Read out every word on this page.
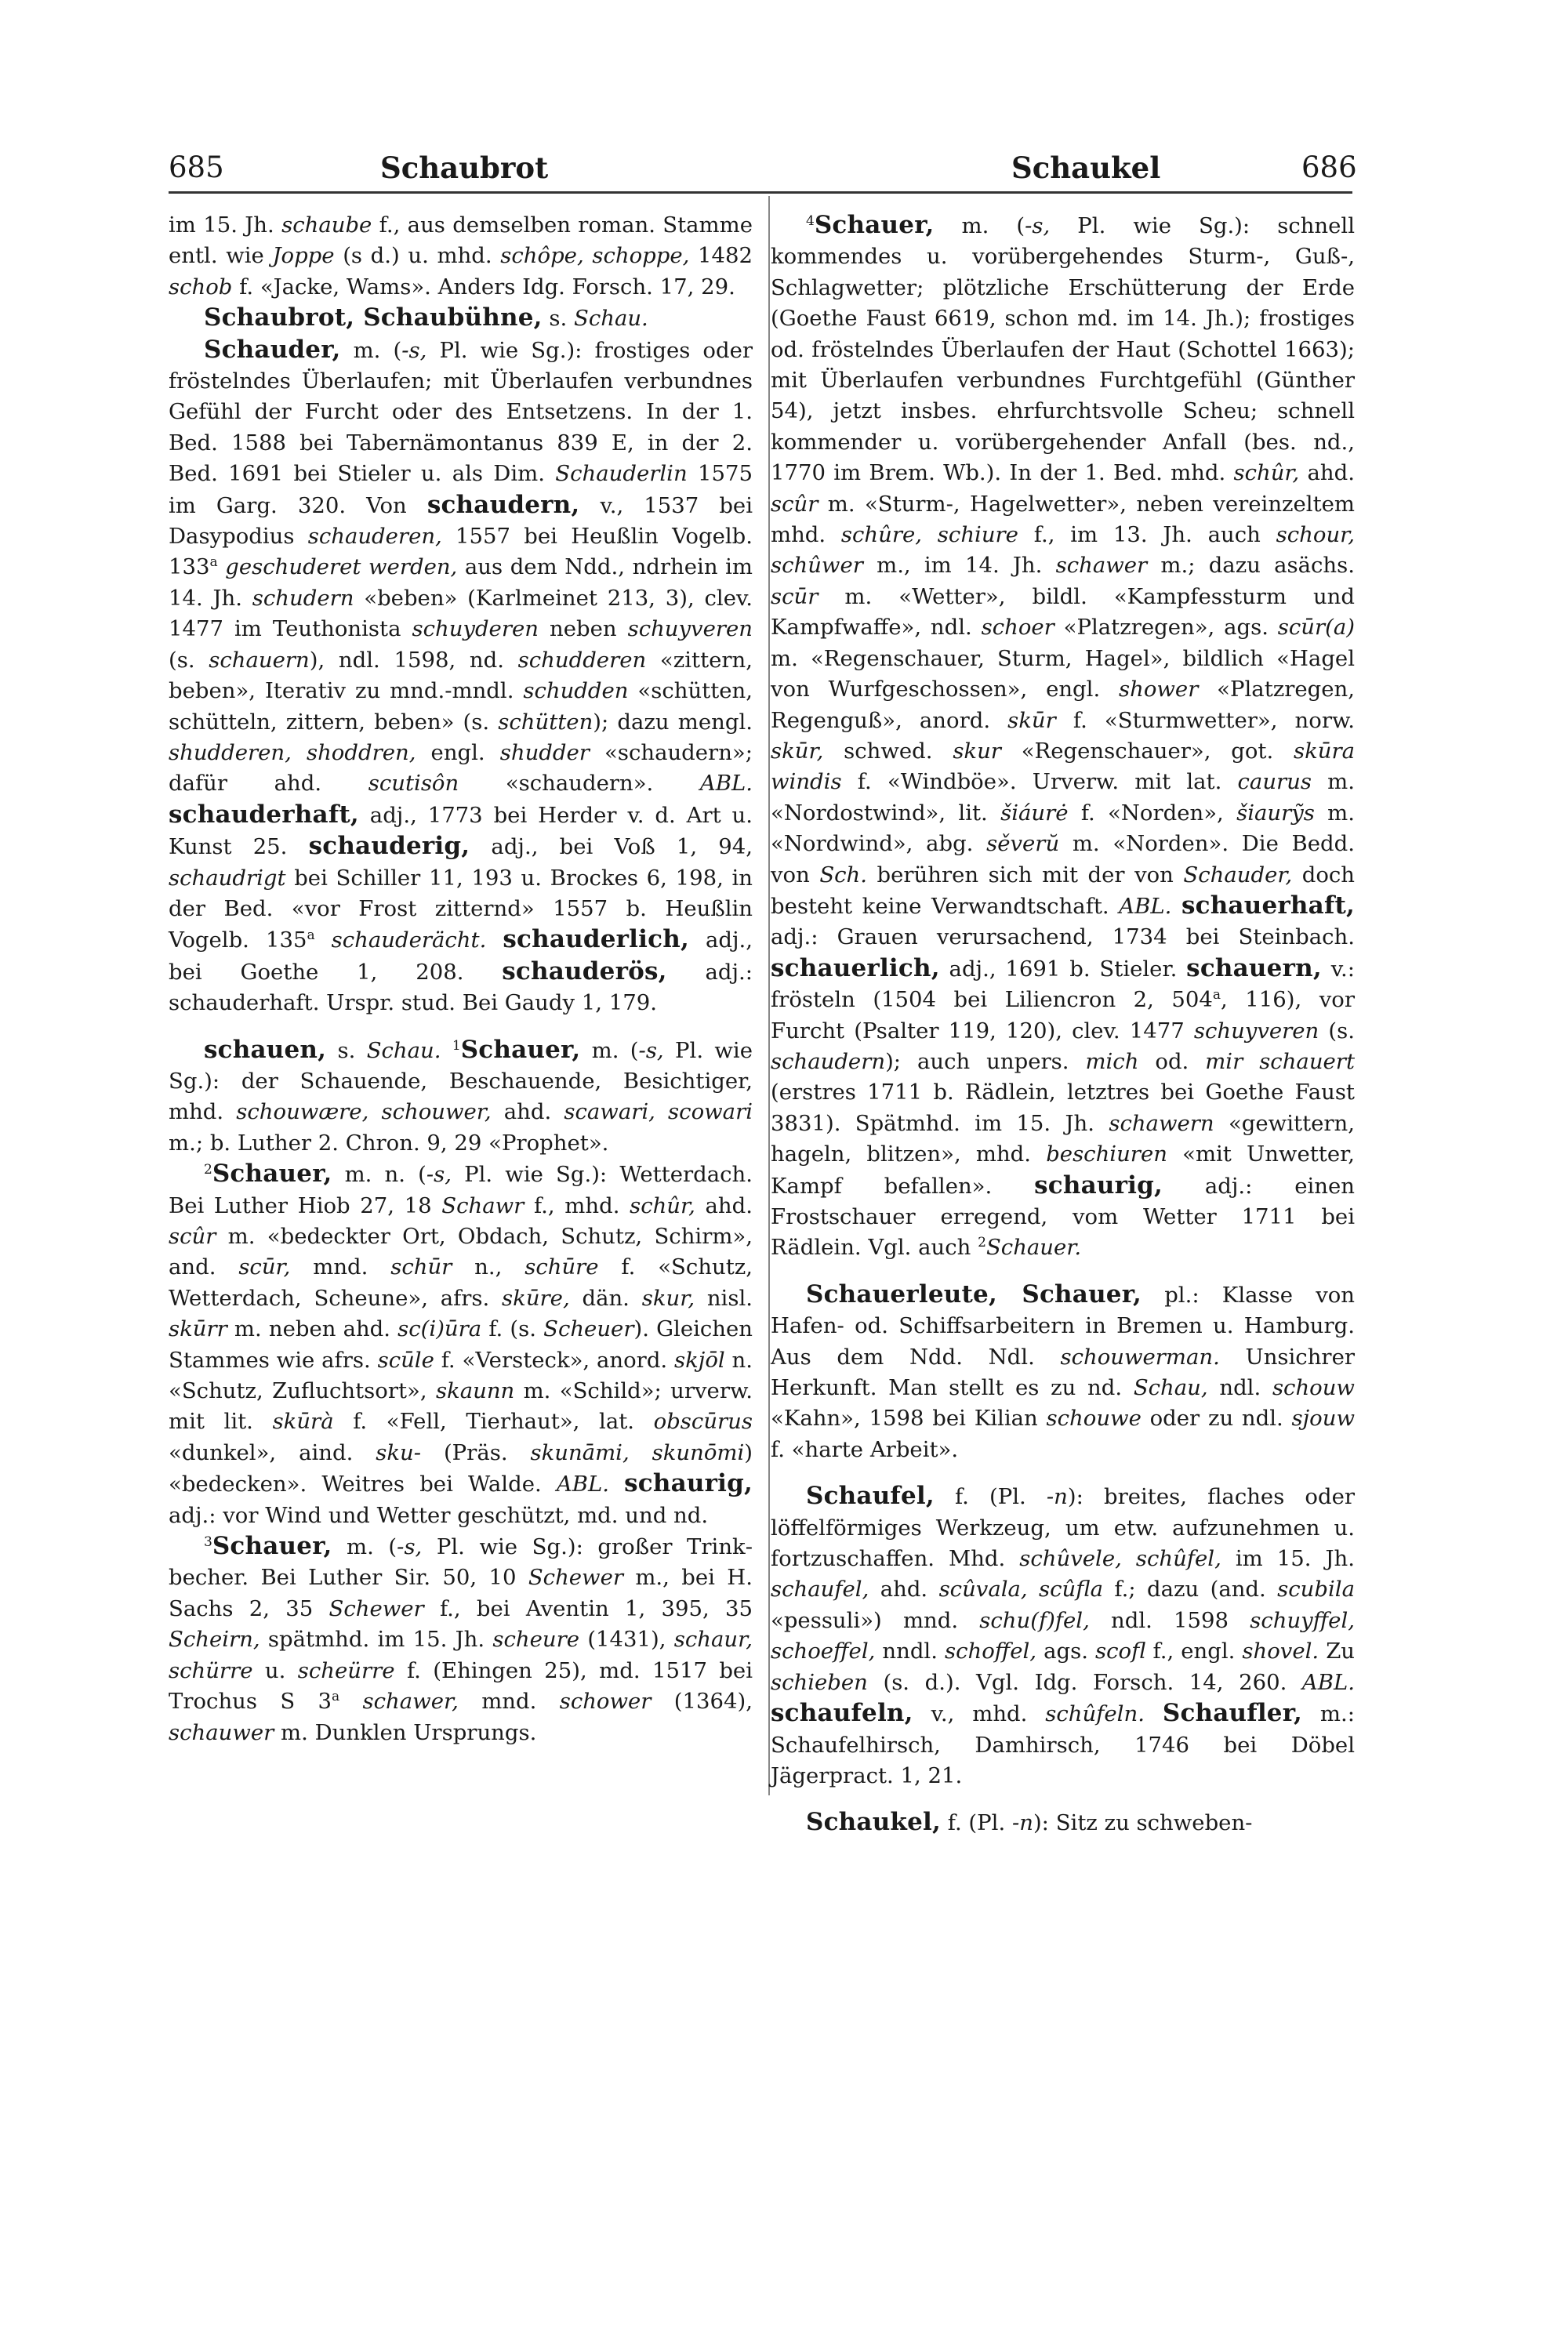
685	Schaubrot	Schaukel	686

im 15. Jh. schaube f., aus demselben roman. Stamme entl. wie Joppe (s d.) u. mhd. schôpe, schoppe, 1482 schob f. «Jacke, Wams». Anders Idg. Forsch. 17, 29.

Schaubrot, Schaubühne, s. Schau.

Schauder, m. (-s, Pl. wie Sg.): frostiges oder fröstelndes Überlaufen; mit Überlaufen verbundnes Gefühl der Furcht oder des Entsetzens. In der 1. Bed. 1588 bei Tabernämontanus 839 E, in der 2. Bed. 1691 bei Stieler u. als Dim. Schauderlin 1575 im Garg. 320. Von schaudern, v., 1537 bei Dasypodius schauderen, 1557 bei Heußlin Vogelb. 133$^a$ geschuderet werden, aus dem Ndd., ndrhein im 14. Jh. schudern «beben» (Karlmeinet 213, 3), clev. 1477 im Teuthonista schuyderen neben schuyveren (s. schauern), ndl. 1598, nd. schudderen «zittern, beben», Iterativ zu mnd.-mndl. schudden «schütten, schütteln, zittern, beben» (s. schütten); dazu mengl. shudderen, shoddren, engl. shudder «schaudern»; dafür ahd. scutisôn «schaudern». ABL. schauderhaft, adj., 1773 bei Herder v. d. Art u. Kunst 25. schauderig, adj., bei Voß 1, 94, schaudrigt bei Schiller 11, 193 u. Brockes 6, 198, in der Bed. «vor Frost zitternd» 1557 b. Heußlin Vogelb. 135$^a$ schauderächt. schauderlich, adj., bei Goethe 1, 208. schauderös, adj.: schauderhaft. Urspr. stud. Bei Gaudy 1, 179.

schauen, s. Schau. $^1$Schauer, m. (-s, Pl. wie Sg.): der Schauende, Beschauende, Besichtiger, mhd. schouwære, schouwer, ahd. scawari, scowari m.; b. Luther 2. Chron. 9, 29 «Prophet».

$^2$Schauer, m. n. (-s, Pl. wie Sg.): Wetterdach. Bei Luther Hiob 27, 18 Schawr f., mhd. schûr, ahd. scûr m. «bedeckter Ort, Obdach, Schutz, Schirm», and. scūr, mnd. schūr n., schūre f. «Schutz, Wetterdach, Scheune», afrs. skūre, dän. skur, nisl. skūrr m. neben ahd. sc(i)ūra f. (s. Scheuer). Gleichen Stammes wie afrs. scūle f. «Versteck», anord. skjōl n. «Schutz, Zufluchtsort», skaunn m. «Schild»; urverw. mit lit. skūrà f. «Fell, Tierhaut», lat. obscūrus «dunkel», aind. sku- (Präs. skunāmi, skunōmi) «bedecken». Weitres bei Walde. ABL. schaurig, adj.: vor Wind und Wetter geschützt, md. und nd.

$^3$Schauer, m. (-s, Pl. wie Sg.): großer Trinkbecher. Bei Luther Sir. 50, 10 Schewer m., bei H. Sachs 2, 35 Schewer f., bei Aventin 1, 395, 35 Scheirn, spätmhd. im 15. Jh. scheure (1431), schaur, schürre u. scheürre f. (Ehingen 25), md. 1517 bei Trochus S 3$^a$ schawer, mnd. schower (1364), schauwer m. Dunklen Ursprungs.

$^4$Schauer, m. (-s, Pl. wie Sg.): schnell kommendes u. vorübergehendes Sturm-, Guß-, Schlagwetter; plötzliche Erschütterung der Erde (Goethe Faust 6619, schon md. im 14. Jh.); frostiges od. fröstelndes Überlaufen der Haut (Schottel 1663); mit Überlaufen verbundnes Furchtgefühl (Günther 54), jetzt insbes. ehrfurchtsvolle Scheu; schnell kommender u. vorübergehender Anfall (bes. nd., 1770 im Brem. Wb.). In der 1. Bed. mhd. schûr, ahd. scûr m. «Sturm-, Hagelwetter», neben vereinzeltem mhd. schûre, schiure f., im 13. Jh. auch schour, schûwer m., im 14. Jh. schawer m.; dazu asächs. scūr m. «Wetter», bildl. «Kampfessturm und Kampfwaffe», ndl. schoer «Platzregen», ags. scūr(a) m. «Regenschauer, Sturm, Hagel», bildlich «Hagel von Wurfgeschossen», engl. shower «Platzregen, Regenguß», anord. skūr f. «Sturmwetter», norw. skūr, schwed. skur «Regenschauer», got. skūra windis f. «Windböe». Urverw. mit lat. caurus m. «Nordostwind», lit. šiáurė f. «Norden», šiaurỹs m. «Nordwind», abg. sěverŭ m. «Norden». Die Bedd. von Sch. berühren sich mit der von Schauder, doch besteht keine Verwandtschaft. ABL. schauerhaft, adj.: Grauen verursachend, 1734 bei Steinbach. schauerlich, adj., 1691 b. Stieler. schauern, v.: frösteln (1504 bei Liliencron 2, 504$^a$, 116), vor Furcht (Psalter 119, 120), clev. 1477 schuyveren (s. schaudern); auch unpers. mich od. mir schauert (erstres 1711 b. Rädlein, letztres bei Goethe Faust 3831). Spätmhd. im 15. Jh. schawern «gewittern, hageln, blitzen», mhd. beschiuren «mit Unwetter, Kampf befallen». schaurig, adj.: einen Frostschauer erregend, vom Wetter 1711 bei Rädlein. Vgl. auch $^2$Schauer.

Schauerleute, Schauer, pl.: Klasse von Hafen- od. Schiffsarbeitern in Bremen u. Hamburg. Aus dem Ndd. Ndl. schouwerman. Unsichrer Herkunft. Man stellt es zu nd. Schau, ndl. schouw «Kahn», 1598 bei Kilian schouwe oder zu ndl. sjouw f. «harte Arbeit».

Schaufel, f. (Pl. -n): breites, flaches oder löffelförmiges Werkzeug, um etw. aufzunehmen u. fortzuschaffen. Mhd. schûvele, schûfel, im 15. Jh. schaufel, ahd. scûvala, scûfla f.; dazu (and. scubila «pessuli») mnd. schu(f)fel, ndl. 1598 schuyffel, schoeffel, nndl. schoffel, ags. scofl f., engl. shovel. Zu schieben (s. d.). Vgl. Idg. Forsch. 14, 260. ABL. schaufeln, v., mhd. schûfeln. Schaufler, m.: Schaufelhirsch, Damhirsch, 1746 bei Döbel Jägerpract. 1, 21.

Schaukel, f. (Pl. -n): Sitz zu schweben-
